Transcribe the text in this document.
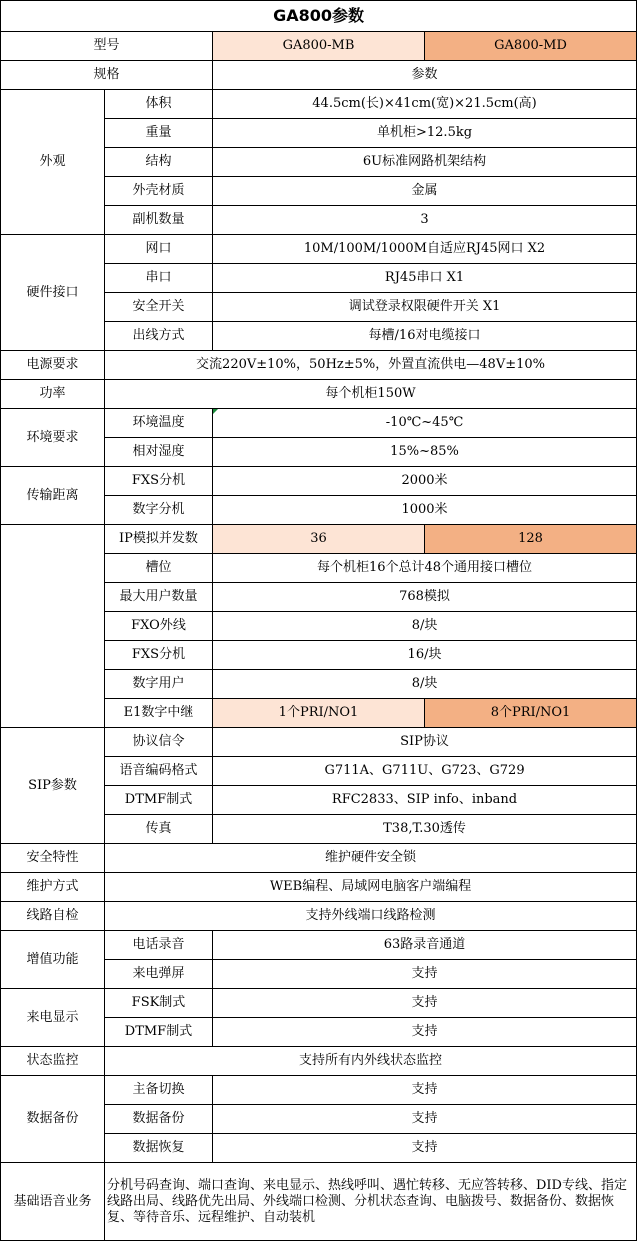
GA800参数			
型号		GA800-MB	GA800-MD
规格		参数	
外观	体积	44.5cm(长)×41cm(宽)×21.5cm(高)	
	重量	单机柜>12.5kg	
	结构	6U标准网路机架结构	
	外壳材质	金属	
	副机数量	3	
硬件接口	网口	10M/100M/1000M自适应RJ45网口 X2	
	串口	RJ45串口 X1	
	安全开关	调试登录权限硬件开关 X1	
	出线方式	每槽/16对电缆接口	
电源要求	交流220V±10%，50Hz±5%，外置直流供电—48V±10%		
功率	每个机柜150W		
环境要求	环境温度	-10℃~45℃	
	相对湿度	15%~85%	
传输距离	FXS分机	2000米	
	数字分机	1000米	
	IP模拟并发数	36	128
	槽位	每个机柜16个总计48个通用接口槽位	
	最大用户数量	768模拟	
	FXO外线	8/块	
	FXS分机	16/块	
	数字用户	8/块	
	E1数字中继	1个PRI/NO1	8个PRI/NO1
SIP参数	协议信令	SIP协议	
	语音编码格式	G711A、G711U、G723、G729	
	DTMF制式	RFC2833、SIP info、inband	
	传真	T38,T.30透传	
安全特性	维护硬件安全锁		
维护方式	WEB编程、局域网电脑客户端编程		
线路自检	支持外线端口线路检测		
增值功能	电话录音	63路录音通道	
	来电弹屏	支持	
来电显示	FSK制式	支持	
	DTMF制式	支持	
状态监控	支持所有内外线状态监控		
数据备份	主备切换	支持	
	数据备份	支持	
	数据恢复	支持	
基础语音业务	分机号码查询、端口查询、来电显示、热线呼叫、遇忙转移、无应答转移、DID专线、指定线路出局、线路优先出局、外线端口检测、分机状态查询、电脑拨号、数据备份、数据恢复、等待音乐、远程维护、自动装机		
